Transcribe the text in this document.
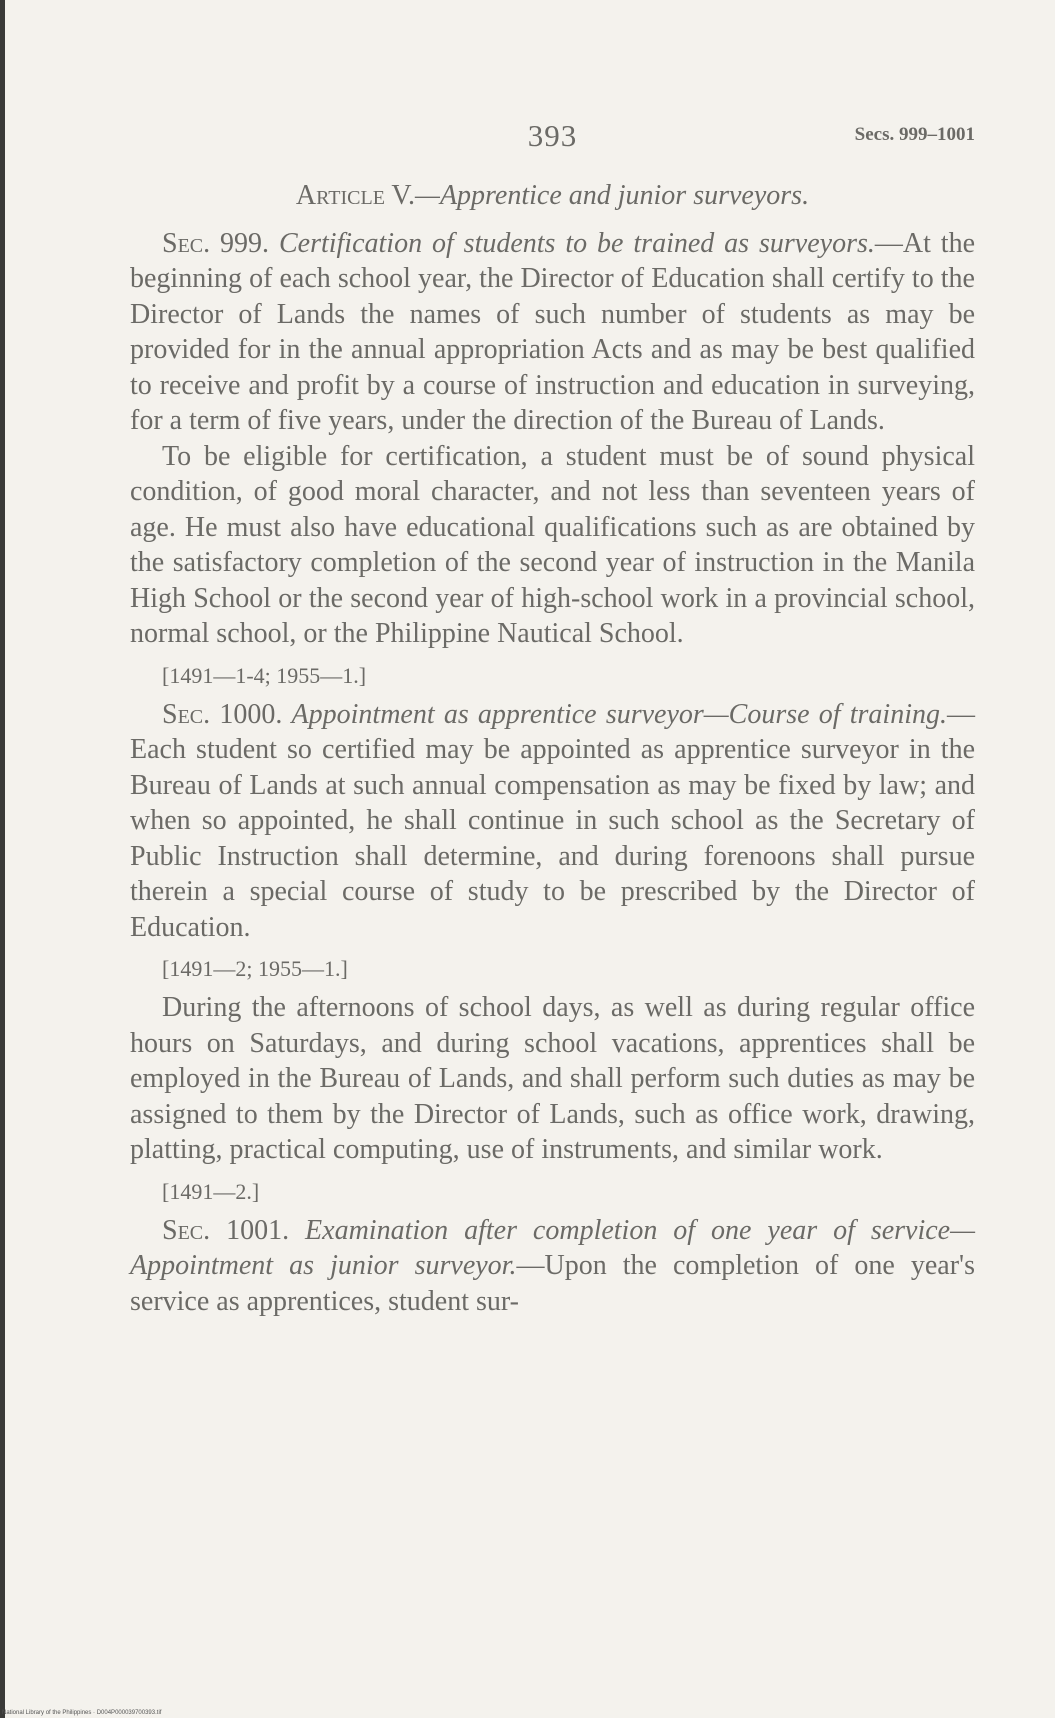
393	Secs. 999–1001
Article V.—Apprentice and junior surveyors.

Sec. 999. Certification of students to be trained as surveyors.—At the beginning of each school year, the Director of Education shall certify to the Director of Lands the names of such number of students as may be provided for in the annual appropriation Acts and as may be best qualified to receive and profit by a course of instruction and education in surveying, for a term of five years, under the direction of the Bureau of Lands.

To be eligible for certification, a student must be of sound physical condition, of good moral character, and not less than seventeen years of age. He must also have educational qualifications such as are obtained by the satisfactory completion of the second year of instruction in the Manila High School or the second year of high-school work in a provincial school, normal school, or the Philippine Nautical School.

[1491—1-4; 1955—1.]

Sec. 1000. Appointment as apprentice surveyor—Course of training.—Each student so certified may be appointed as apprentice surveyor in the Bureau of Lands at such annual compensation as may be fixed by law; and when so appointed, he shall continue in such school as the Secretary of Public Instruction shall determine, and during forenoons shall pursue therein a special course of study to be prescribed by the Director of Education.

[1491—2; 1955—1.]

During the afternoons of school days, as well as during regular office hours on Saturdays, and during school vacations, apprentices shall be employed in the Bureau of Lands, and shall perform such duties as may be assigned to them by the Director of Lands, such as office work, drawing, platting, practical computing, use of instruments, and similar work.

[1491—2.]

Sec. 1001. Examination after completion of one year of service—Appointment as junior surveyor.—Upon the completion of one year's service as apprentices, student sur-

National Library of the Philippines · D004P000039700393.tif
